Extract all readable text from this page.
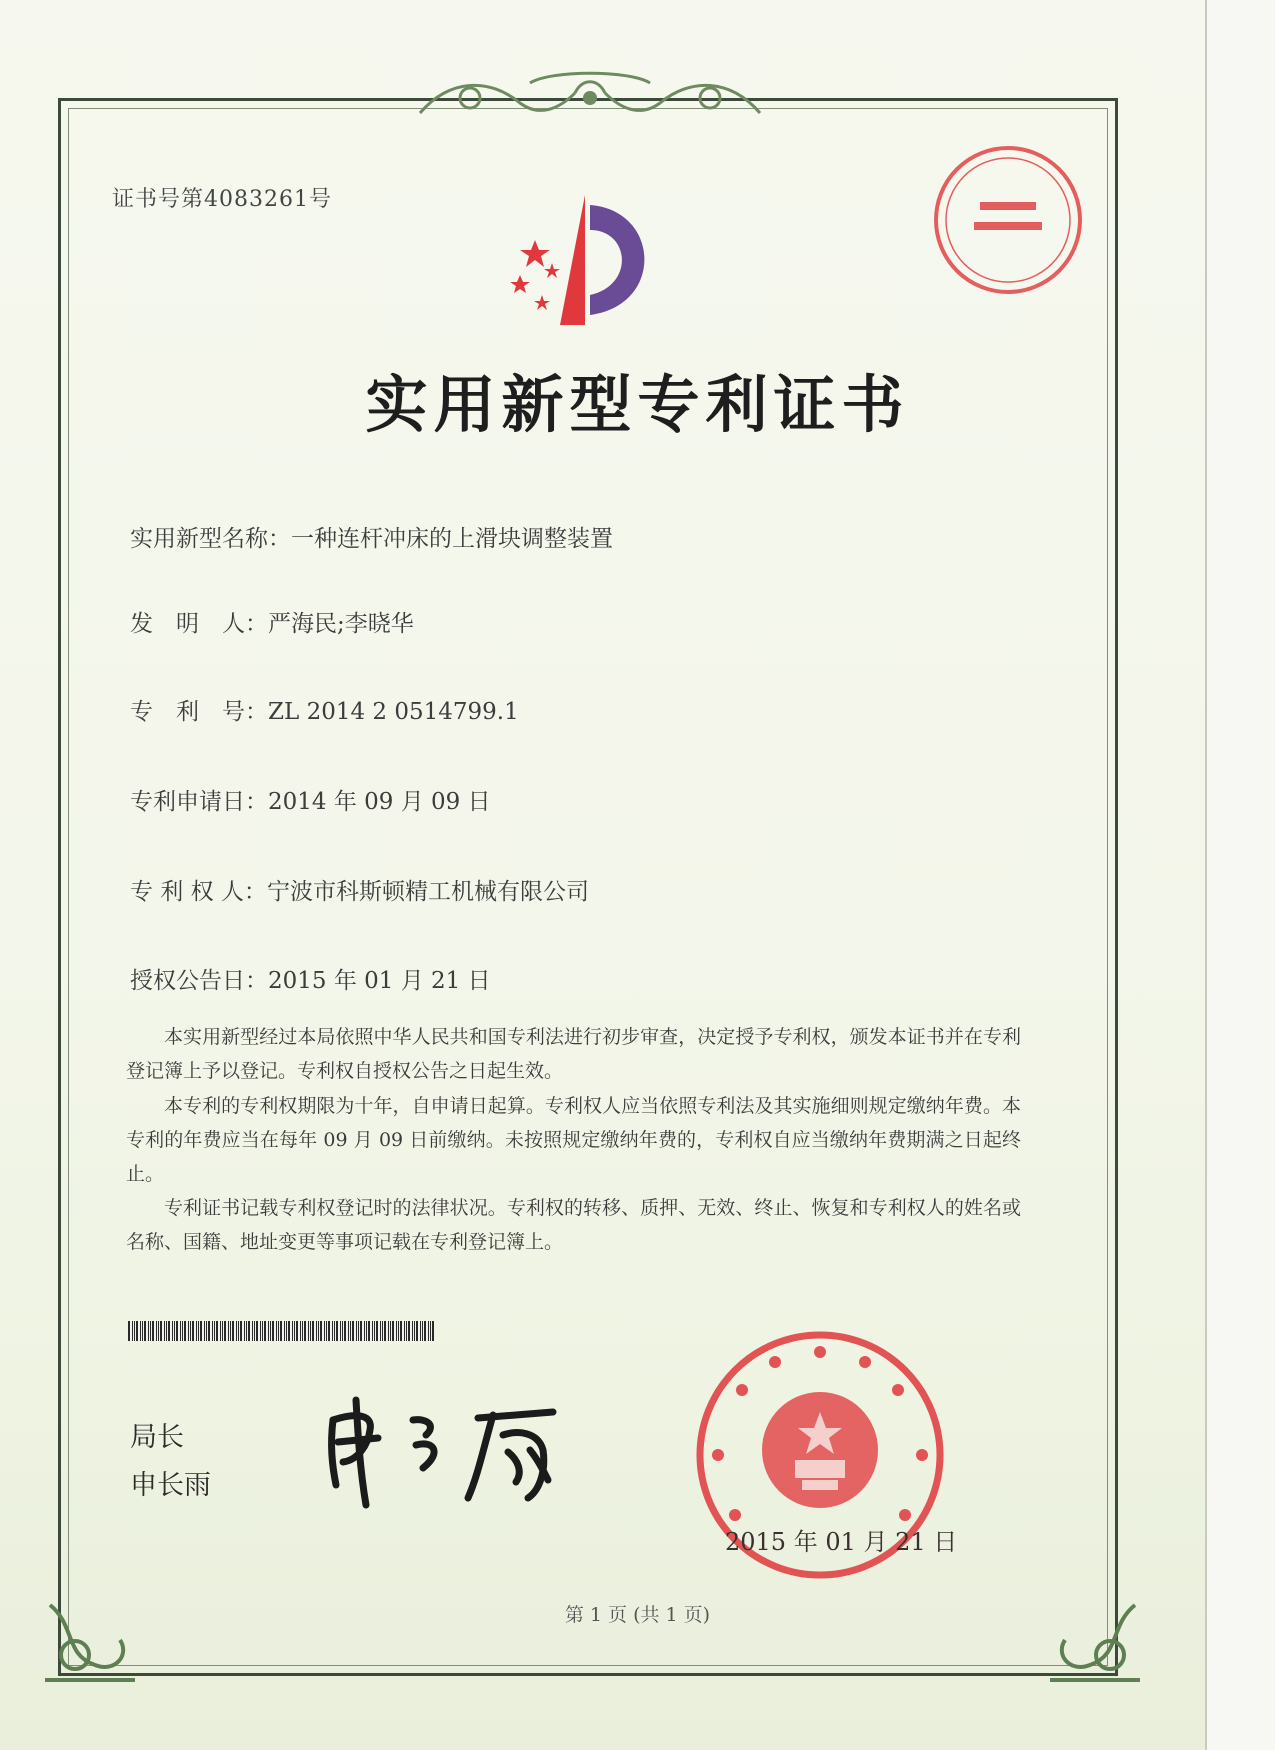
证书号第4083261号
实用新型专利证书
实用新型名称：一种连杆冲床的上滑块调整装置
发　明　人：严海民;李晓华
专　利　号：ZL 2014 2 0514799.1
专利申请日：2014 年 09 月 09 日
专 利 权 人：宁波市科斯顿精工机械有限公司
授权公告日：2015 年 01 月 21 日

本实用新型经过本局依照中华人民共和国专利法进行初步审查，决定授予专利权，颁发本证书并在专利登记簿上予以登记。专利权自授权公告之日起生效。

本专利的专利权期限为十年，自申请日起算。专利权人应当依照专利法及其实施细则规定缴纳年费。本专利的年费应当在每年 09 月 09 日前缴纳。未按照规定缴纳年费的，专利权自应当缴纳年费期满之日起终止。

专利证书记载专利权登记时的法律状况。专利权的转移、质押、无效、终止、恢复和专利权人的姓名或名称、国籍、地址变更等事项记载在专利登记簿上。

局长
申长雨
2015 年 01 月 21 日
第 1 页 (共 1 页)
